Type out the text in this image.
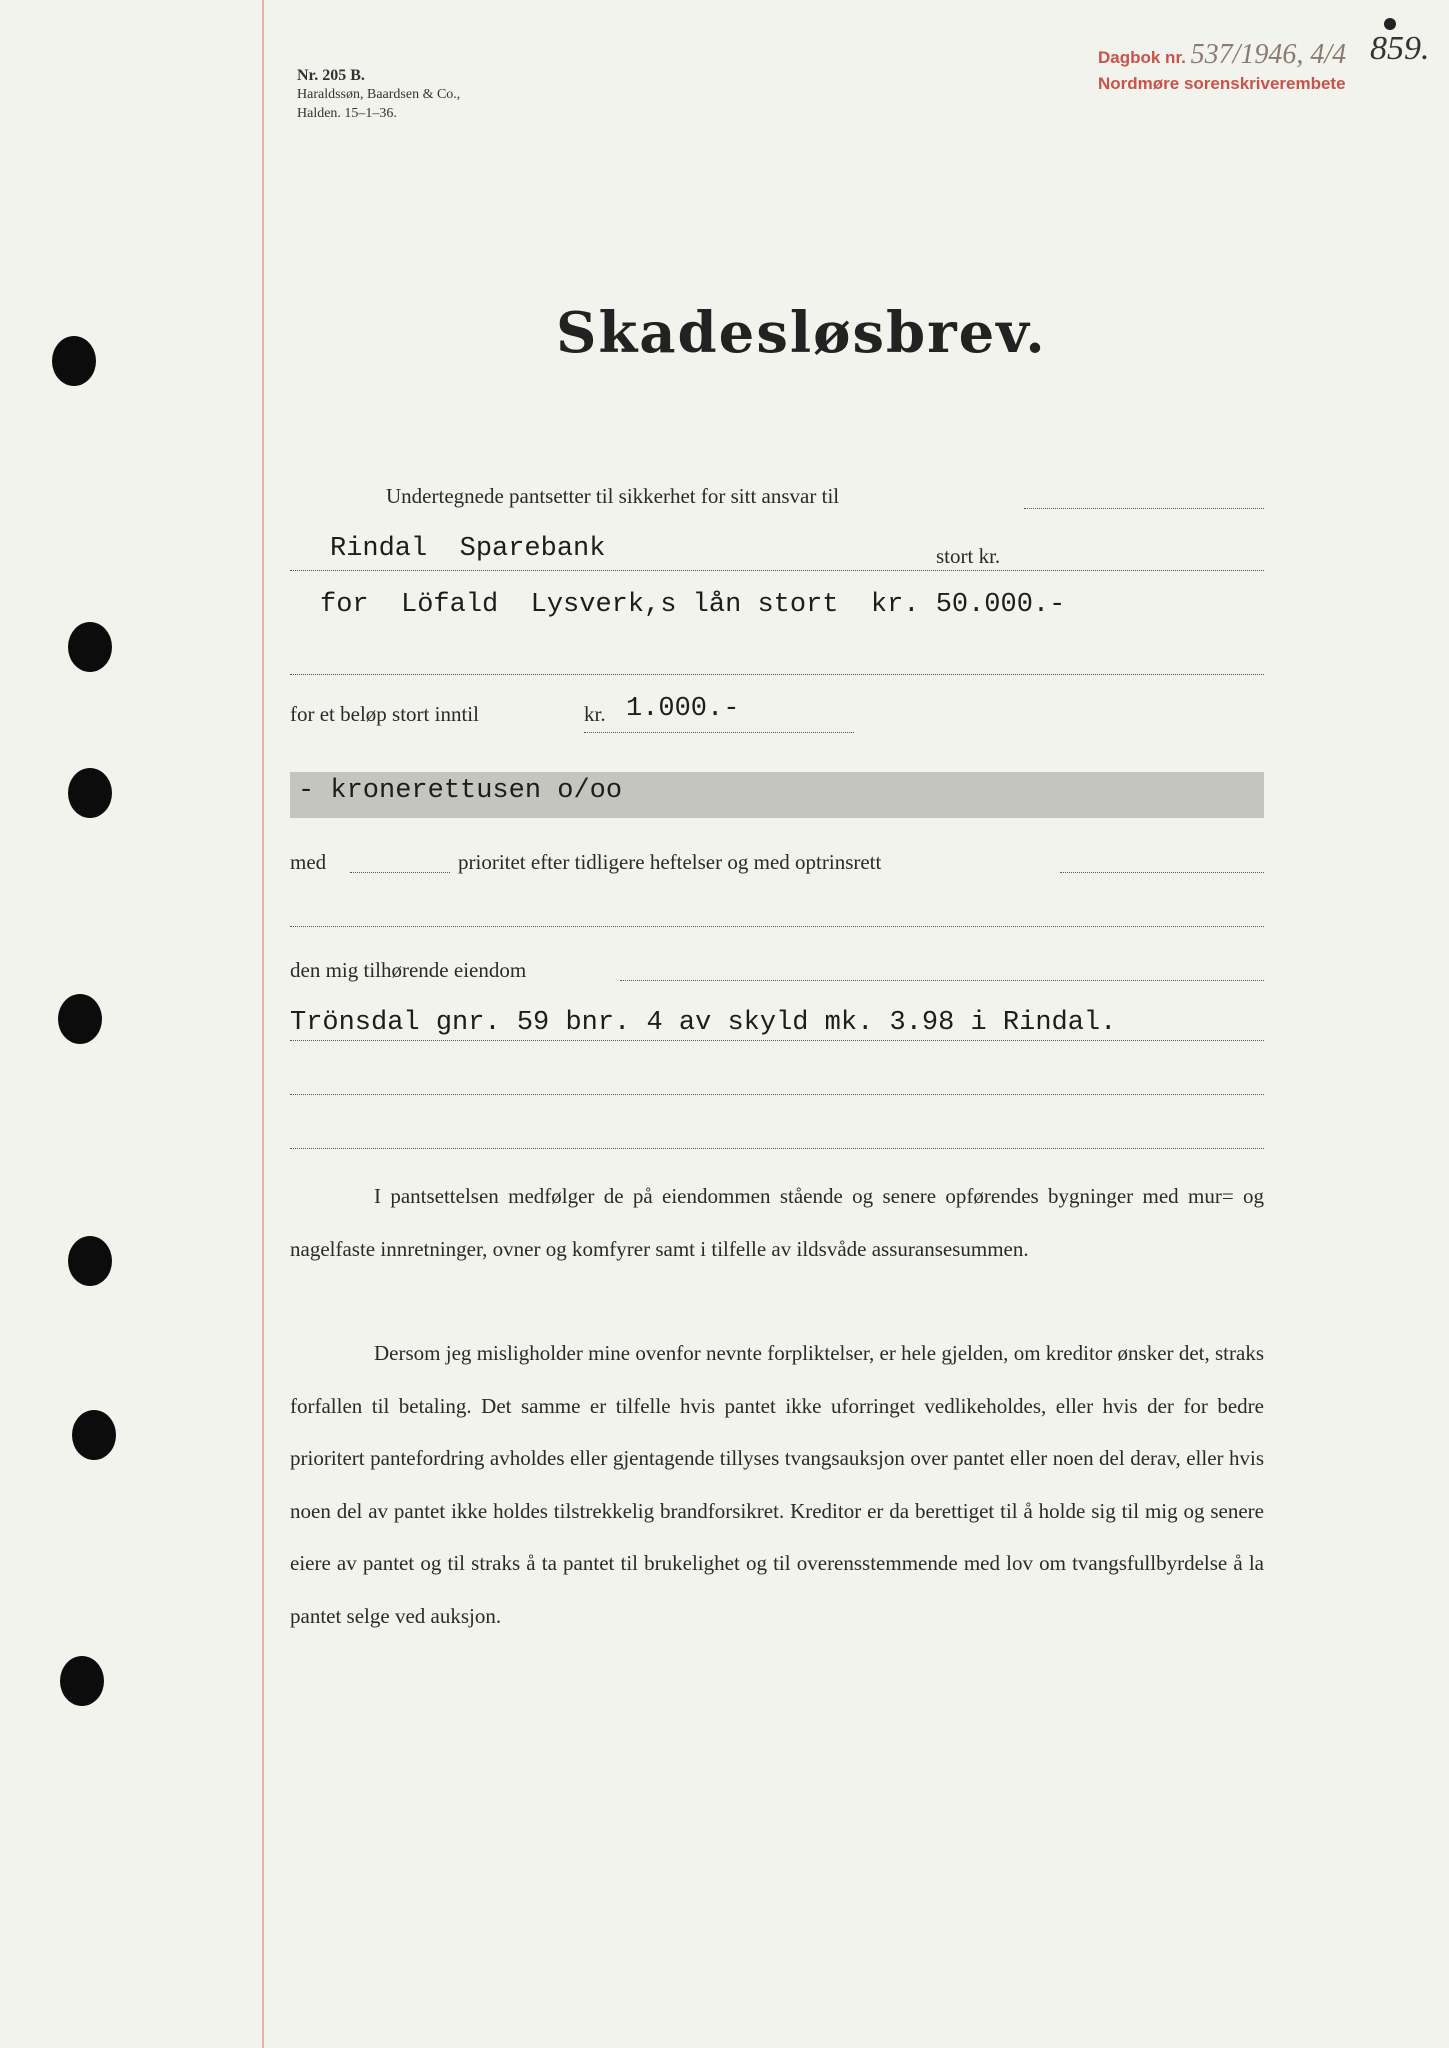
Nr. 205 B.
Haraldssøn, Baardsen & Co.,
Halden. 15–1–36.
Dagbok nr. 537/1946, 4/4
Nordmøre sorenskriverembete
859.
Skadesløsbrev.
Undertegnede pantsetter til sikkerhet for sitt ansvar til
Rindal  Sparebank	stort kr.
for  Löfald  Lysverk,s lån stort  kr. 50.000.-
for et beløp stort inntil	kr. 1.000.-
- kronerettusen o/oo
med	prioritet efter tidligere heftelser og med optrinsrett
den mig tilhørende eiendom
Trönsdal gnr. 59 bnr. 4 av skyld mk. 3.98 i Rindal.
I pantsettelsen medfølger de på eiendommen stående og senere opførendes bygninger med mur= og nagelfaste innretninger, ovner og komfyrer samt i tilfelle av ildsvåde assuransesummen.
Dersom jeg misligholder mine ovenfor nevnte forpliktelser, er hele gjelden, om kreditor ønsker det, straks forfallen til betaling. Det samme er tilfelle hvis pantet ikke uforringet vedlikeholdes, eller hvis der for bedre prioritert pantefordring avholdes eller gjentagende tillyses tvangsauksjon over pantet eller noen del derav, eller hvis noen del av pantet ikke holdes tilstrekkelig brandforsikret. Kreditor er da berettiget til å holde sig til mig og senere eiere av pantet og til straks å ta pantet til brukelighet og til overensstemmende med lov om tvangsfullbyrdelse å la pantet selge ved auksjon.
